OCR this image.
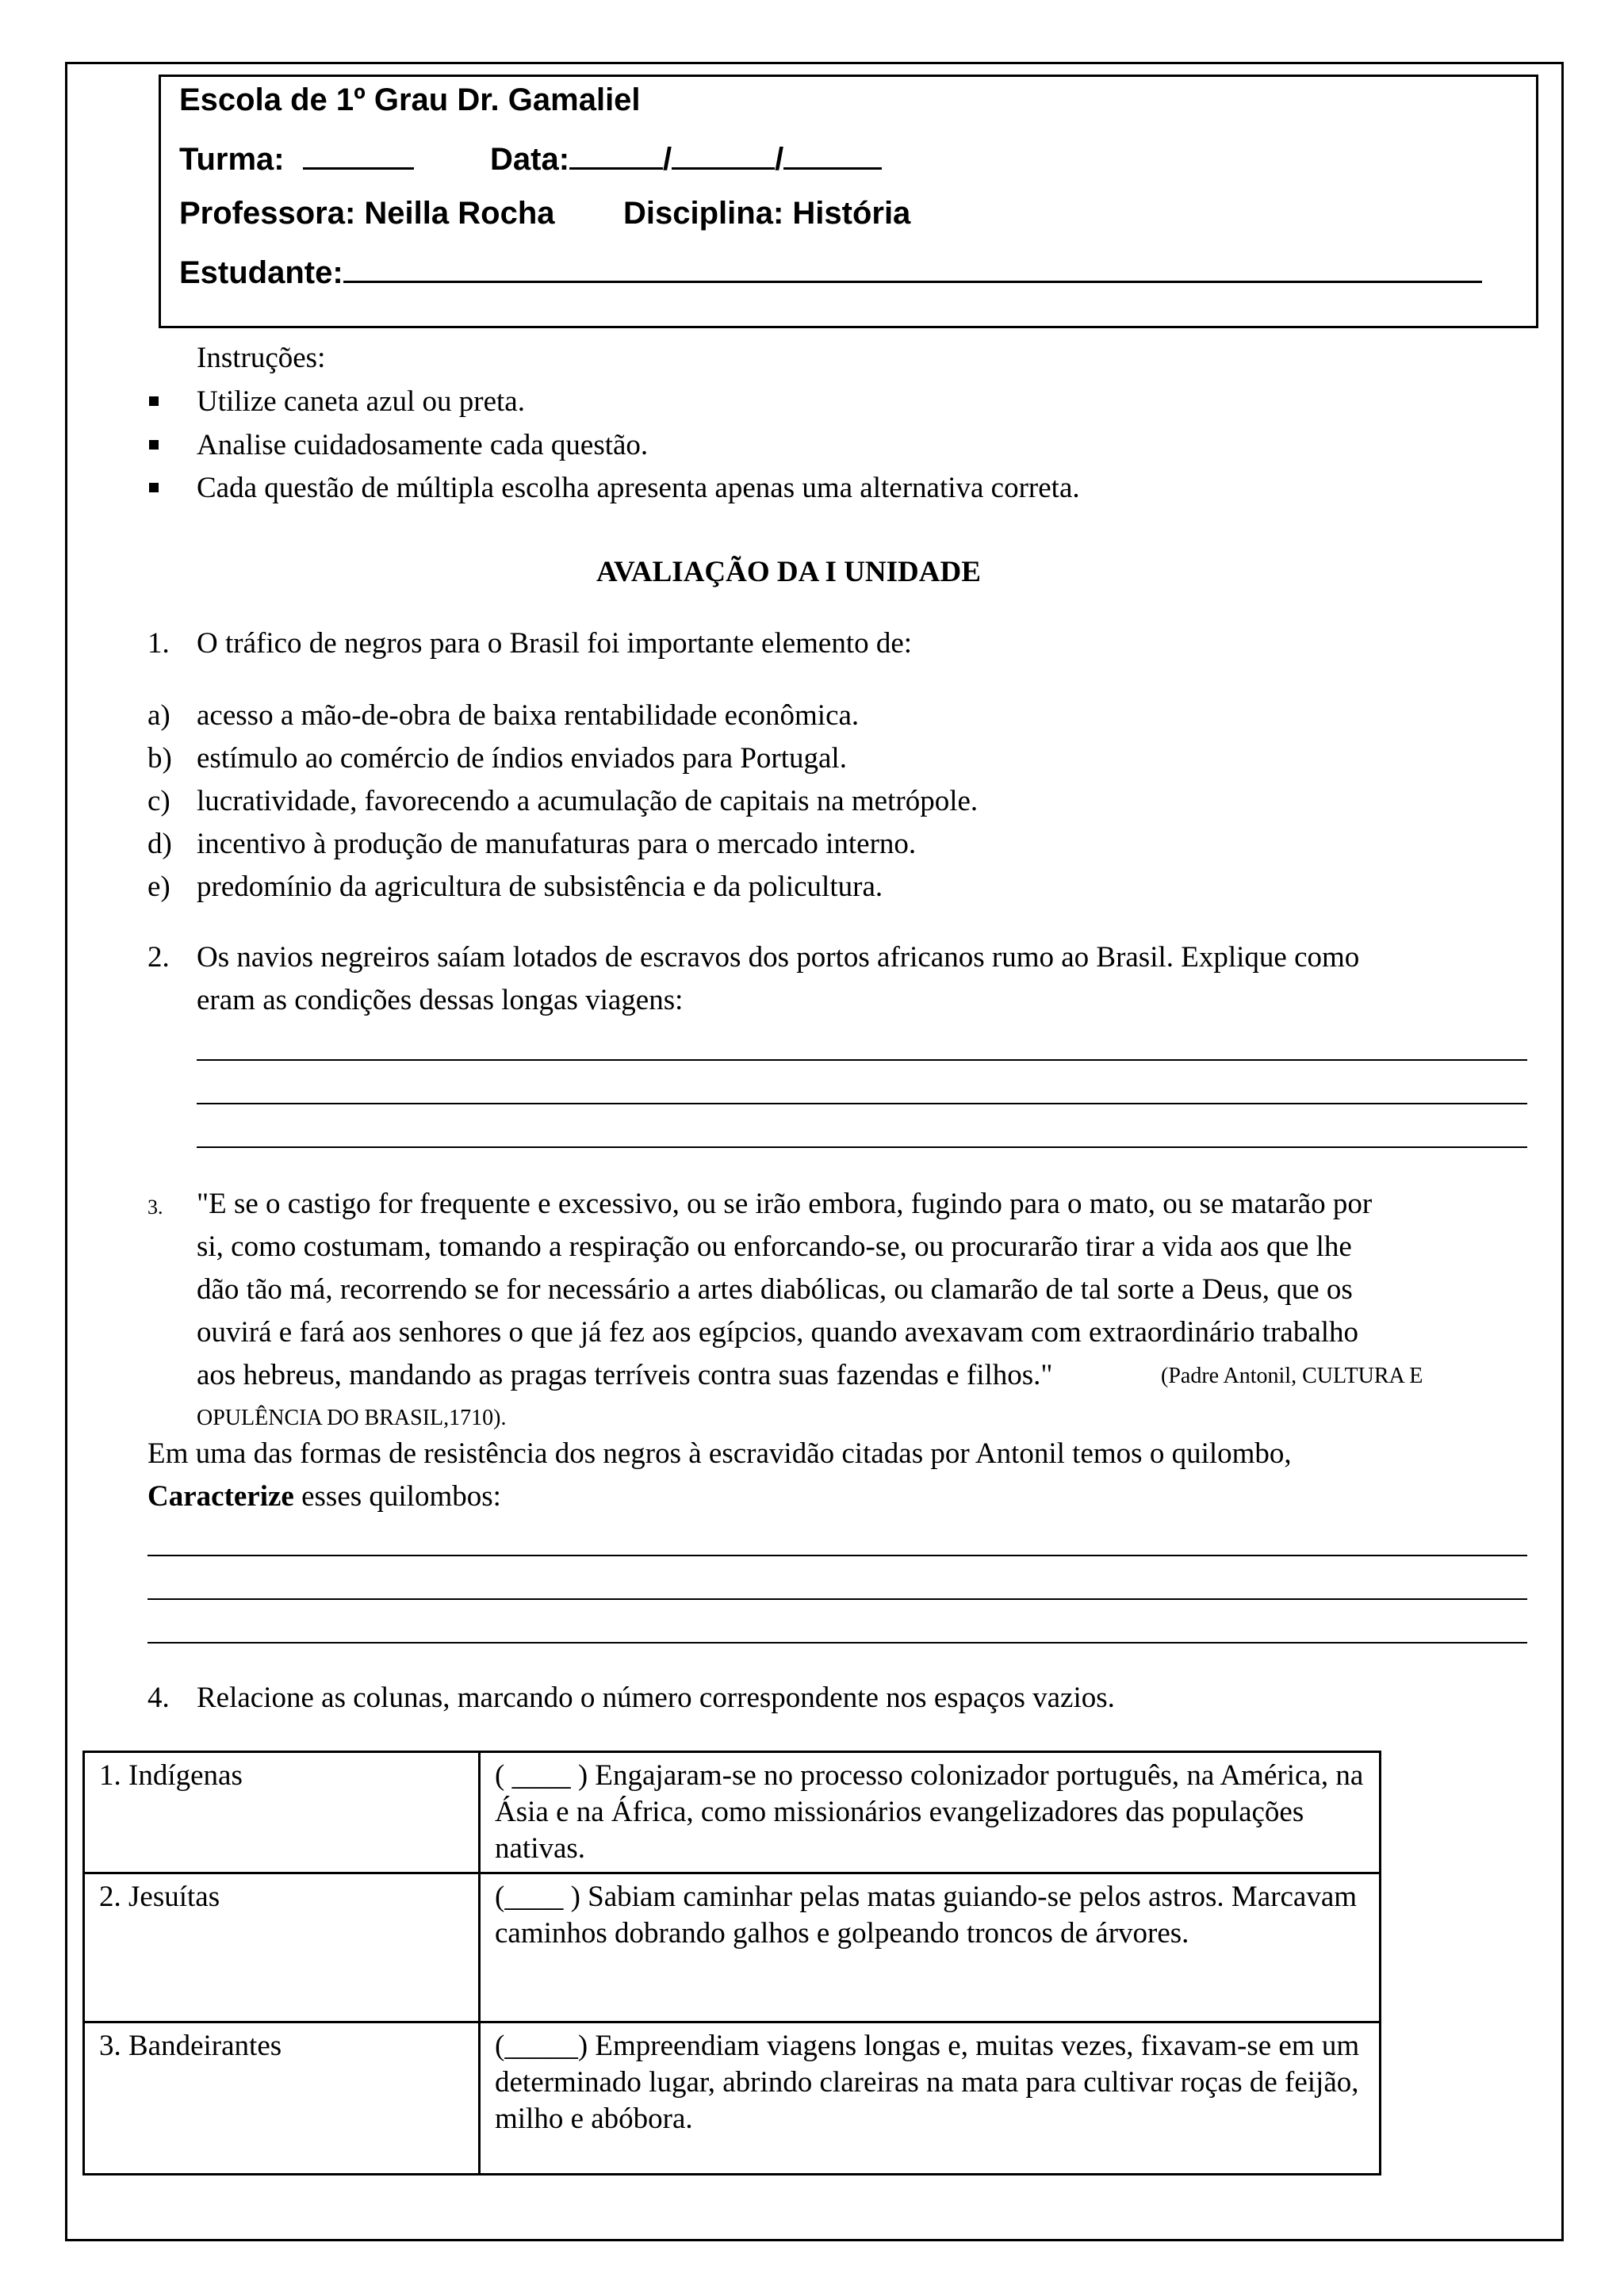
Escola de 1º Grau Dr. Gamaliel
Turma:	Data:	/	/
Professora: Neilla Rocha Disciplina: História
Estudante:
Instruções:
Utilize caneta azul ou preta.
Analise cuidadosamente cada questão.
Cada questão de múltipla escolha apresenta apenas uma alternativa correta.
AVALIAÇÃO DA I UNIDADE
1. O tráfico de negros para o Brasil foi importante elemento de:
a) acesso a mão-de-obra de baixa rentabilidade econômica.
b) estímulo ao comércio de índios enviados para Portugal.
c) lucratividade, favorecendo a acumulação de capitais na metrópole.
d) incentivo à produção de manufaturas para o mercado interno.
e) predomínio da agricultura de subsistência e da policultura.
2. Os navios negreiros saíam lotados de escravos dos portos africanos rumo ao Brasil. Explique como
eram as condições dessas longas viagens:
3. "E se o castigo for frequente e excessivo, ou se irão embora, fugindo para o mato, ou se matarão por
si, como costumam, tomando a respiração ou enforcando-se, ou procurarão tirar a vida aos que lhe
dão tão má, recorrendo se for necessário a artes diabólicas, ou clamarão de tal sorte a Deus, que os
ouvirá e fará aos senhores o que já fez aos egípcios, quando avexavam com extraordinário trabalho
aos hebreus, mandando as pragas terríveis contra suas fazendas e filhos."	(Padre Antonil, CULTURA E
OPULÊNCIA DO BRASIL,1710).
Em uma das formas de resistência dos negros à escravidão citadas por Antonil temos o quilombo,
Caracterize esses quilombos:
4. Relacione as colunas, marcando o número correspondente nos espaços vazios.
1. Indígenas	( ____ ) Engajaram-se no processo colonizador português, na América, na Ásia e na África, como missionários evangelizadores das populações nativas.
2. Jesuítas	(____ ) Sabiam caminhar pelas matas guiando-se pelos astros. Marcavam caminhos dobrando galhos e golpeando troncos de árvores.
3. Bandeirantes	(_____) Empreendiam viagens longas e, muitas vezes, fixavam-se em um determinado lugar, abrindo clareiras na mata para cultivar roças de feijão, milho e abóbora.
